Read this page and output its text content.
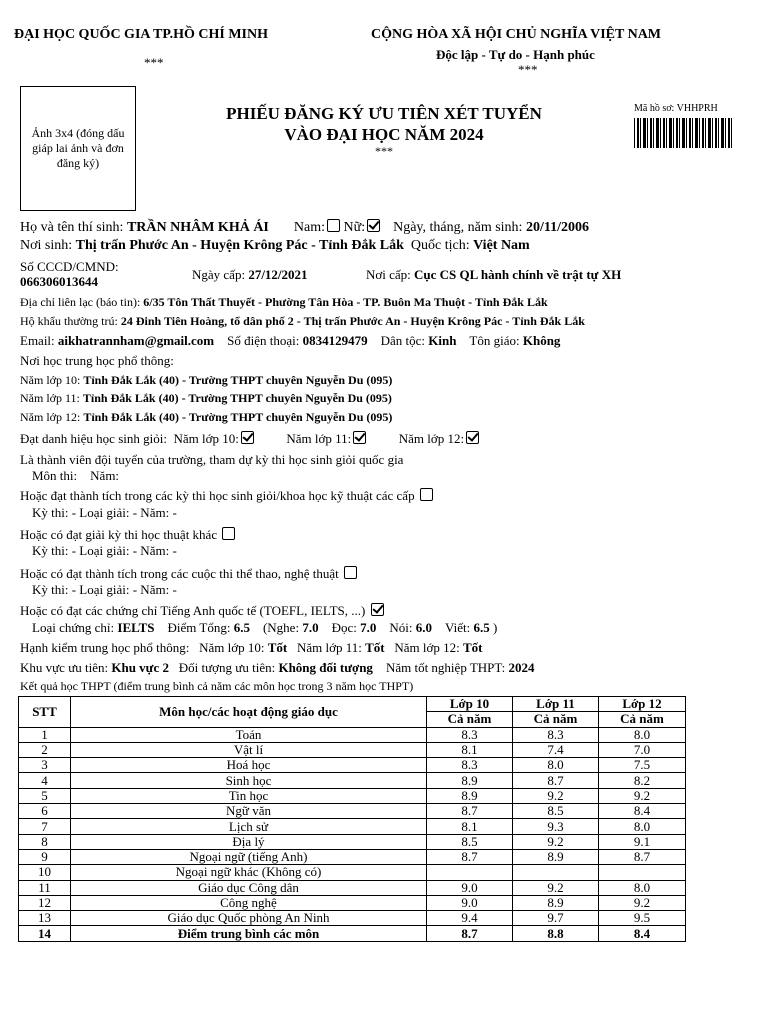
ĐẠI HỌC QUỐC GIA TP.HỒ CHÍ MINH
***
CỘNG HÒA XÃ HỘI CHỦ NGHĨA VIỆT NAM
Độc lập - Tự do - Hạnh phúc
***
Ảnh 3x4 (đóng dấu giáp lai ảnh và đơn đăng ký)
PHIẾU ĐĂNG KÝ ƯU TIÊN XÉT TUYỂN
VÀO ĐẠI HỌC NĂM 2024
***
Mã hồ sơ: VHHPRH
Họ và tên thí sinh: TRẦN NHÂM KHẢ ÁI Nam: Nữ: Ngày, tháng, năm sinh: 20/11/2006
Nơi sinh: Thị trấn Phước An - Huyện Krông Pác - Tỉnh Đắk Lắk Quốc tịch: Việt Nam
Số CCCD/CMND:
066306013644	Ngày cấp: 27/12/2021	Nơi cấp: Cục CS QL hành chính về trật tự XH
Địa chỉ liên lạc (báo tin): 6/35 Tôn Thất Thuyết - Phường Tân Hòa - TP. Buôn Ma Thuột - Tỉnh Đắk Lắk
Hộ khẩu thường trú: 24 Đinh Tiên Hoàng, tổ dân phố 2 - Thị trấn Phước An - Huyện Krông Pác - Tỉnh Đắk Lắk
Email: aikhatrannham@gmail.com Số điện thoại: 0834129479 Dân tộc: Kinh Tôn giáo: Không
Nơi học trung học phổ thông:
Năm lớp 10: Tỉnh Đắk Lắk (40) - Trường THPT chuyên Nguyễn Du (095)
Năm lớp 11: Tỉnh Đắk Lắk (40) - Trường THPT chuyên Nguyễn Du (095)
Năm lớp 12: Tỉnh Đắk Lắk (40) - Trường THPT chuyên Nguyễn Du (095)
Đạt danh hiệu học sinh giỏi: Năm lớp 10:	Năm lớp 11:	Năm lớp 12:
Là thành viên đội tuyển của trường, tham dự kỳ thi học sinh giỏi quốc gia
Môn thi: Năm:
Hoặc đạt thành tích trong các kỳ thi học sinh giỏi/khoa học kỹ thuật các cấp
Kỳ thi: - Loại giải: - Năm: -
Hoặc có đạt giải kỳ thi học thuật khác
Kỳ thi: - Loại giải: - Năm: -
Hoặc có đạt thành tích trong các cuộc thi thể thao, nghệ thuật
Kỳ thi: - Loại giải: - Năm: -
Hoặc có đạt các chứng chỉ Tiếng Anh quốc tế (TOEFL, IELTS, ...)
Loại chứng chỉ: IELTS Điểm Tổng: 6.5 (Nghe: 7.0 Đọc: 7.0 Nói: 6.0 Viết: 6.5 )
Hạnh kiểm trung học phổ thông: Năm lớp 10: Tốt Năm lớp 11: Tốt Năm lớp 12: Tốt
Khu vực ưu tiên: Khu vực 2 Đối tượng ưu tiên: Không đối tượng Năm tốt nghiệp THPT: 2024
Kết quả học THPT (điểm trung bình cả năm các môn học trong 3 năm học THPT)
STT	Môn học/các hoạt động giáo dục	Lớp 10	Lớp 11	Lớp 12
		Cả năm	Cả năm	Cả năm
1	Toán	8.3	8.3	8.0
2	Vật lí	8.1	7.4	7.0
3	Hoá học	8.3	8.0	7.5
4	Sinh học	8.9	8.7	8.2
5	Tin học	8.9	9.2	9.2
6	Ngữ văn	8.7	8.5	8.4
7	Lịch sử	8.1	9.3	8.0
8	Địa lý	8.5	9.2	9.1
9	Ngoại ngữ (tiếng Anh)	8.7	8.9	8.7
10	Ngoại ngữ khác (Không có)			
11	Giáo dục Công dân	9.0	9.2	8.0
12	Công nghệ	9.0	8.9	9.2
13	Giáo dục Quốc phòng An Ninh	9.4	9.7	9.5
14	Điểm trung bình các môn	8.7	8.8	8.4
